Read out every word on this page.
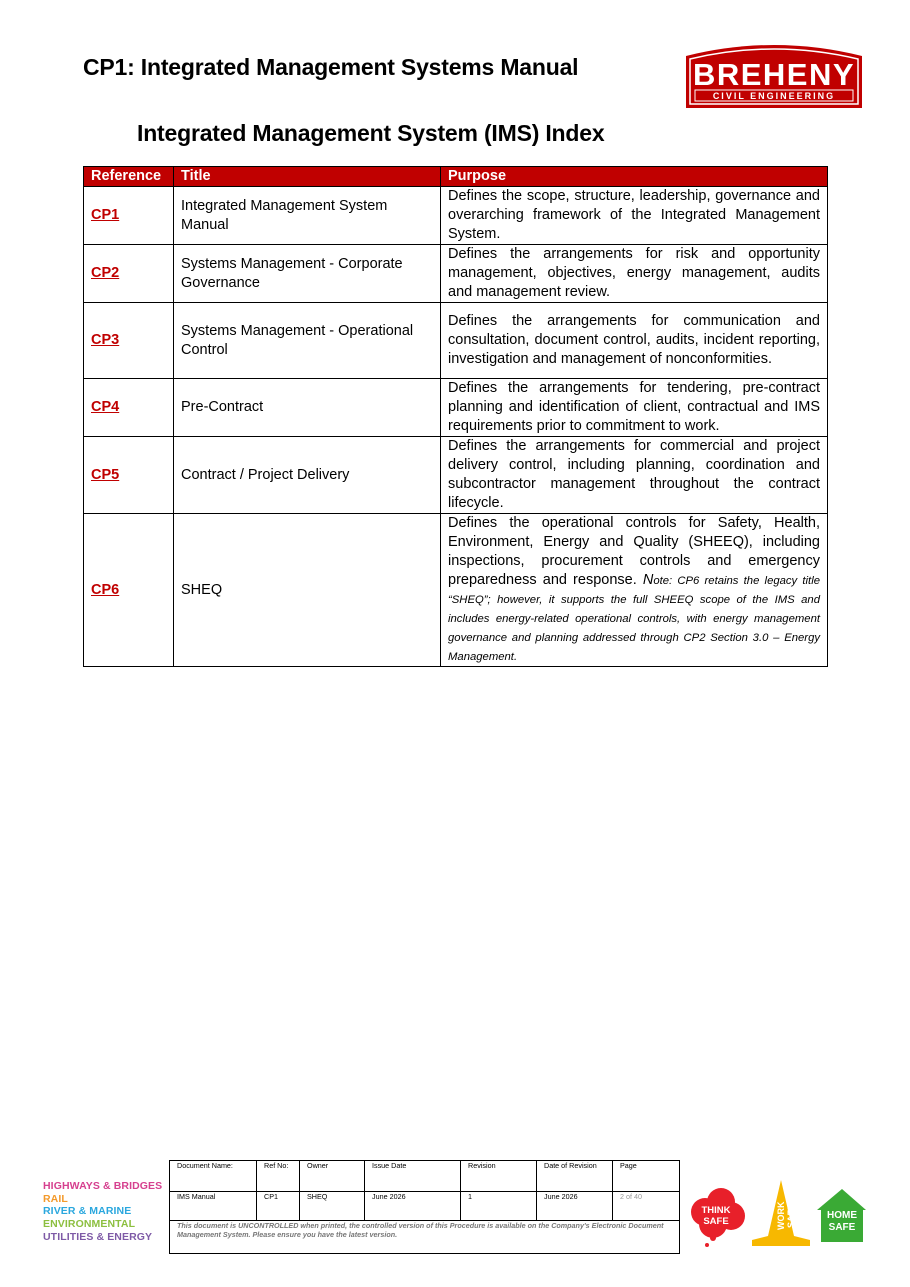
CP1: Integrated Management Systems Manual	BREHENY
CIVIL ENGINEERING
Integrated Management System (IMS) Index
Reference	Title	Purpose
CP1	Integrated Management System Manual	Defines the scope, structure, leadership, governance and overarching framework of the Integrated Management System.
CP2	Systems Management - Corporate Governance	Defines the arrangements for risk and opportunity management, objectives, energy management, audits and management review.
CP3	Systems Management - Operational Control	Defines the arrangements for communication and consultation, document control, audits, incident reporting, investigation and management of nonconformities.
CP4	Pre-Contract	Defines the arrangements for tendering, pre-contract planning and identification of client, contractual and IMS requirements prior to commitment to work.
CP5	Contract / Project Delivery	Defines the arrangements for commercial and project delivery control, including planning, coordination and subcontractor management throughout the contract lifecycle.
CP6	SHEQ	Defines the operational controls for Safety, Health, Environment, Energy and Quality (SHEEQ), including inspections, procurement controls and emergency preparedness and response. Note: CP6 retains the legacy title “SHEQ”; however, it supports the full SHEEQ scope of the IMS and includes energy-related operational controls, with energy management governance and planning addressed through CP2 Section 3.0 – Energy Management.
HIGHWAYS & BRIDGES
RAIL
RIVER & MARINE
ENVIRONMENTAL
UTILITIES & ENERGY
Document Name:	Ref No:	Owner	Issue Date	Revision	Date of Revision	Page
IMS Manual	CP1	SHEQ	June 2026	1	June 2026	2 of 40
This document is UNCONTROLLED when printed, the controlled version of this Procedure is available on the Company's Electronic Document Management System. Please ensure you have the latest version.						
THINK
SAFE	WORK SAFE	HOME
SAFE
